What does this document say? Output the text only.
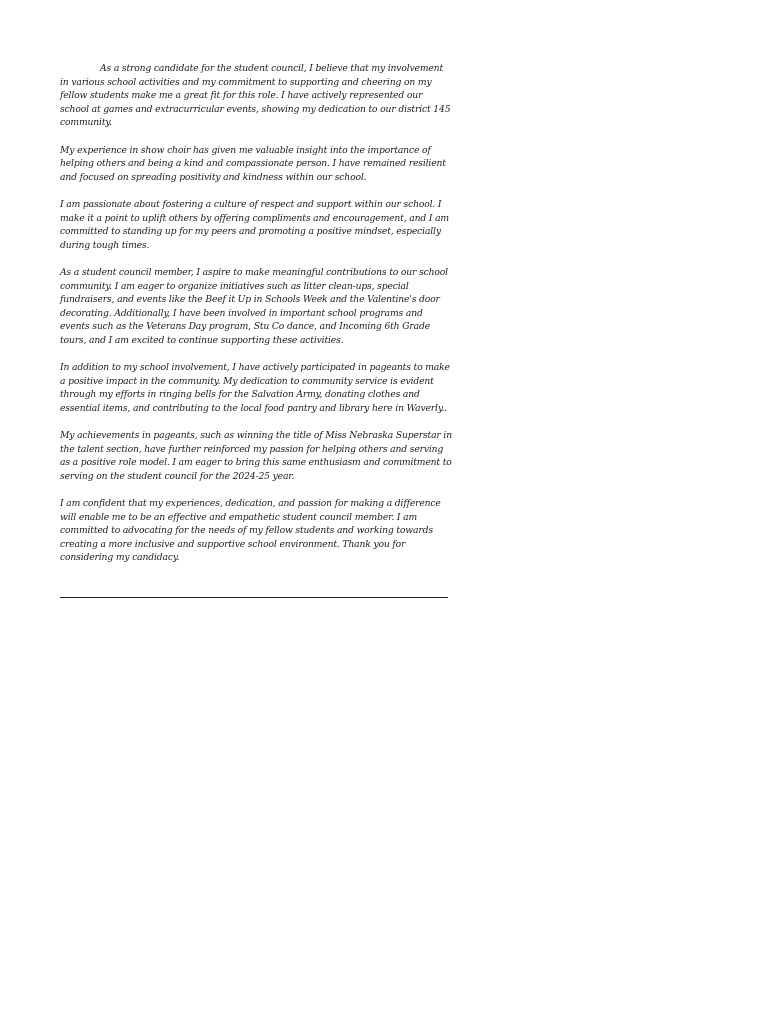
As a strong candidate for the student council, I believe that my involvement in various school activities and my commitment to supporting and cheering on my fellow students make me a great fit for this role. I have actively represented our school at games and extracurricular events, showing my dedication to our district 145 community.

My experience in show choir has given me valuable insight into the importance of helping others and being a kind and compassionate person. I have remained resilient and focused on spreading positivity and kindness within our school.

I am passionate about fostering a culture of respect and support within our school. I make it a point to uplift others by offering compliments and encouragement, and I am committed to standing up for my peers and promoting a positive mindset, especially during tough times.

As a student council member, I aspire to make meaningful contributions to our school community. I am eager to organize initiatives such as litter clean-ups, special fundraisers, and events like the Beef it Up in Schools Week and the Valentine's door decorating. Additionally, I have been involved in important school programs and events such as the Veterans Day program, Stu Co dance, and Incoming 6th Grade tours, and I am excited to continue supporting these activities.

In addition to my school involvement, I have actively participated in pageants to make a positive impact in the community. My dedication to community service is evident through my efforts in ringing bells for the Salvation Army, donating clothes and essential items, and contributing to the local food pantry and library here in Waverly..

My achievements in pageants, such as winning the title of Miss Nebraska Superstar in the talent section, have further reinforced my passion for helping others and serving as a positive role model. I am eager to bring this same enthusiasm and commitment to serving on the student council for the 2024-25 year.

I am confident that my experiences, dedication, and passion for making a difference will enable me to be an effective and empathetic student council member. I am committed to advocating for the needs of my fellow students and working towards creating a more inclusive and supportive school environment. Thank you for considering my candidacy.
